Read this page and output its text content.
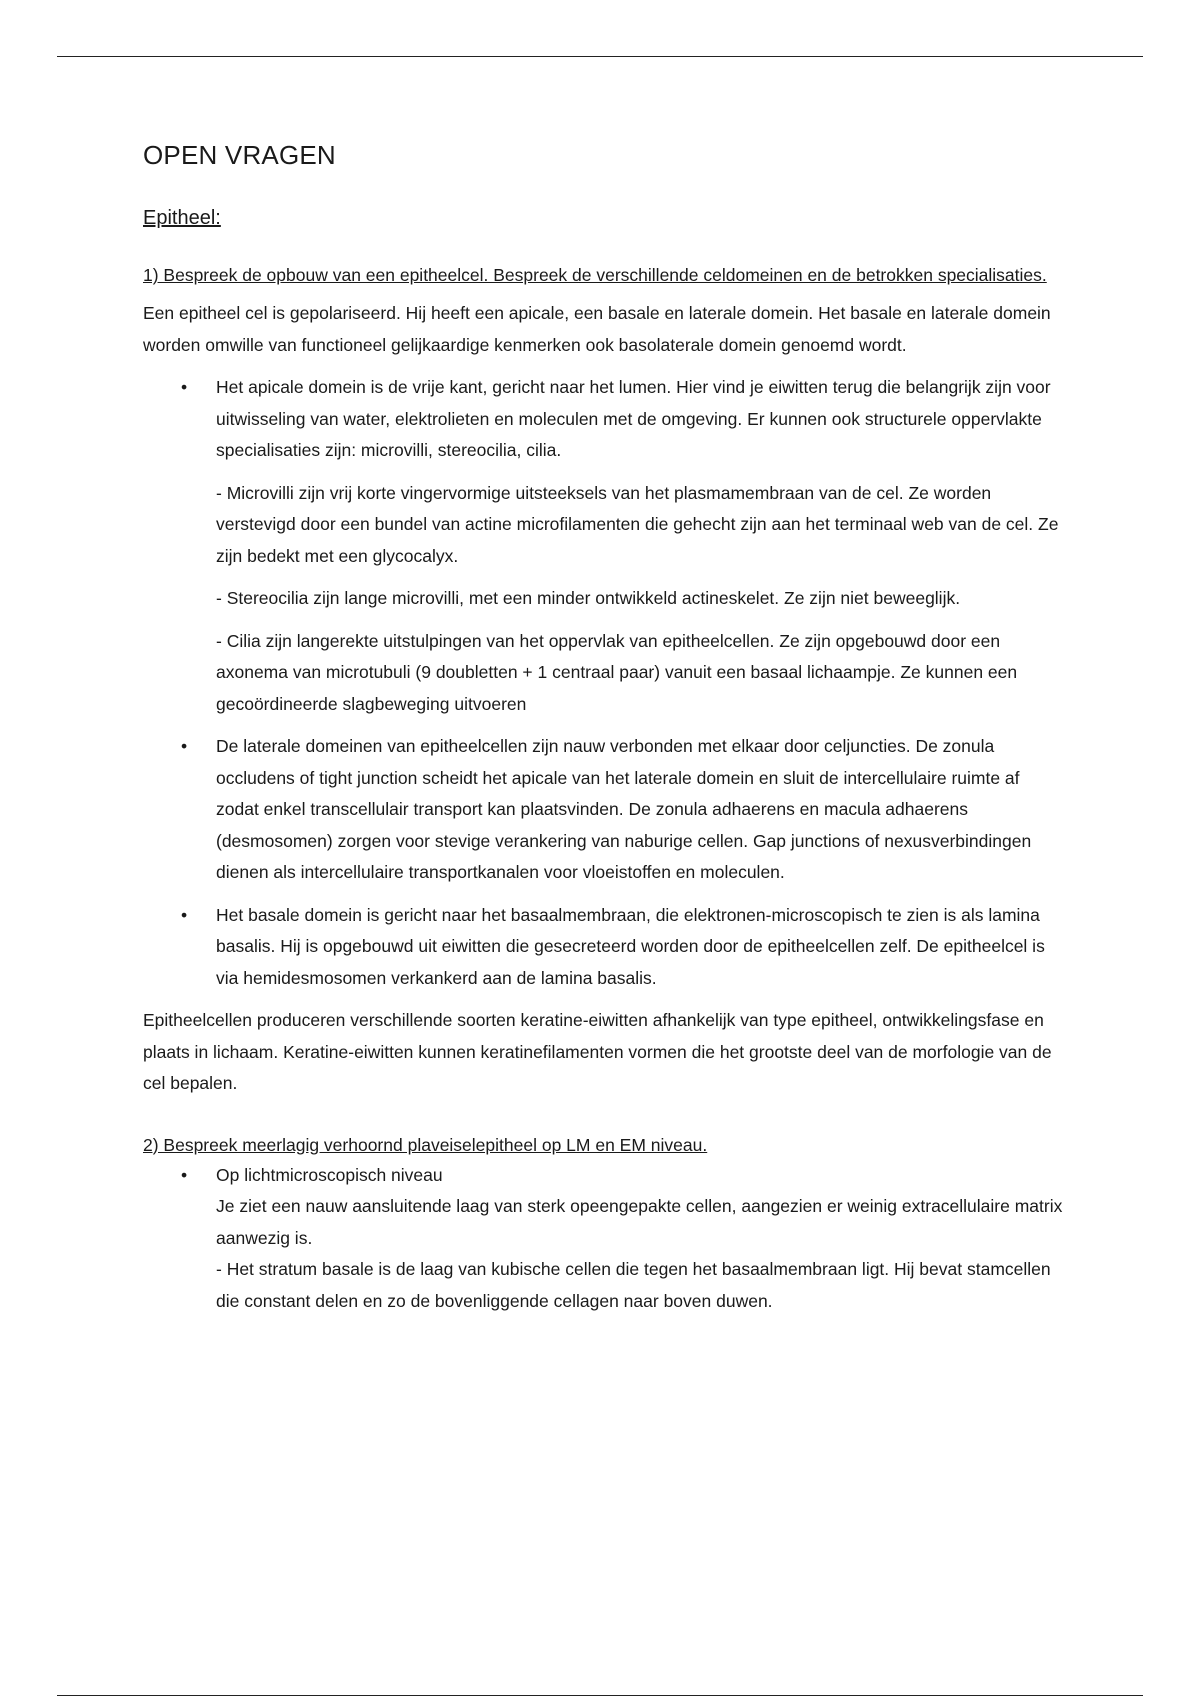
OPEN VRAGEN
Epitheel:

1) Bespreek de opbouw van een epitheelcel. Bespreek de verschillende celdomeinen en de betrokken specialisaties.

Een epitheel cel is gepolariseerd. Hij heeft een apicale, een basale en laterale domein. Het basale en laterale domein worden omwille van functioneel gelijkaardige kenmerken ook basolaterale domein genoemd wordt.

• Het apicale domein is de vrije kant, gericht naar het lumen. Hier vind je eiwitten terug die belangrijk zijn voor uitwisseling van water, elektrolieten en moleculen met de omgeving. Er kunnen ook structurele oppervlakte specialisaties zijn: microvilli, stereocilia, cilia.

- Microvilli zijn vrij korte vingervormige uitsteeksels van het plasmamembraan van de cel. Ze worden verstevigd door een bundel van actine microfilamenten die gehecht zijn aan het terminaal web van de cel. Ze zijn bedekt met een glycocalyx.

- Stereocilia zijn lange microvilli, met een minder ontwikkeld actineskelet. Ze zijn niet beweeglijk.

- Cilia zijn langerekte uitstulpingen van het oppervlak van epitheelcellen. Ze zijn opgebouwd door een axonema van microtubuli (9 doubletten + 1 centraal paar) vanuit een basaal lichaampje. Ze kunnen een gecoördineerde slagbeweging uitvoeren

• De laterale domeinen van epitheelcellen zijn nauw verbonden met elkaar door celjuncties. De zonula occludens of tight junction scheidt het apicale van het laterale domein en sluit de intercellulaire ruimte af zodat enkel transcellulair transport kan plaatsvinden. De zonula adhaerens en macula adhaerens (desmosomen) zorgen voor stevige verankering van naburige cellen. Gap junctions of nexusverbindingen dienen als intercellulaire transportkanalen voor vloeistoffen en moleculen.

• Het basale domein is gericht naar het basaalmembraan, die elektronen-microscopisch te zien is als lamina basalis. Hij is opgebouwd uit eiwitten die gesecreteerd worden door de epitheelcellen zelf. De epitheelcel is via hemidesmosomen verkankerd aan de lamina basalis.

Epitheelcellen produceren verschillende soorten keratine-eiwitten afhankelijk van type epitheel, ontwikkelingsfase en plaats in lichaam. Keratine-eiwitten kunnen keratinefilamenten vormen die het grootste deel van de morfologie van de cel bepalen.

2) Bespreek meerlagig verhoornd plaveiselepitheel op LM en EM niveau.

• Op lichtmicroscopisch niveau

Je ziet een nauw aansluitende laag van sterk opeengepakte cellen, aangezien er weinig extracellulaire matrix aanwezig is.

- Het stratum basale is de laag van kubische cellen die tegen het basaalmembraan ligt. Hij bevat stamcellen die constant delen en zo de bovenliggende cellagen naar boven duwen.
